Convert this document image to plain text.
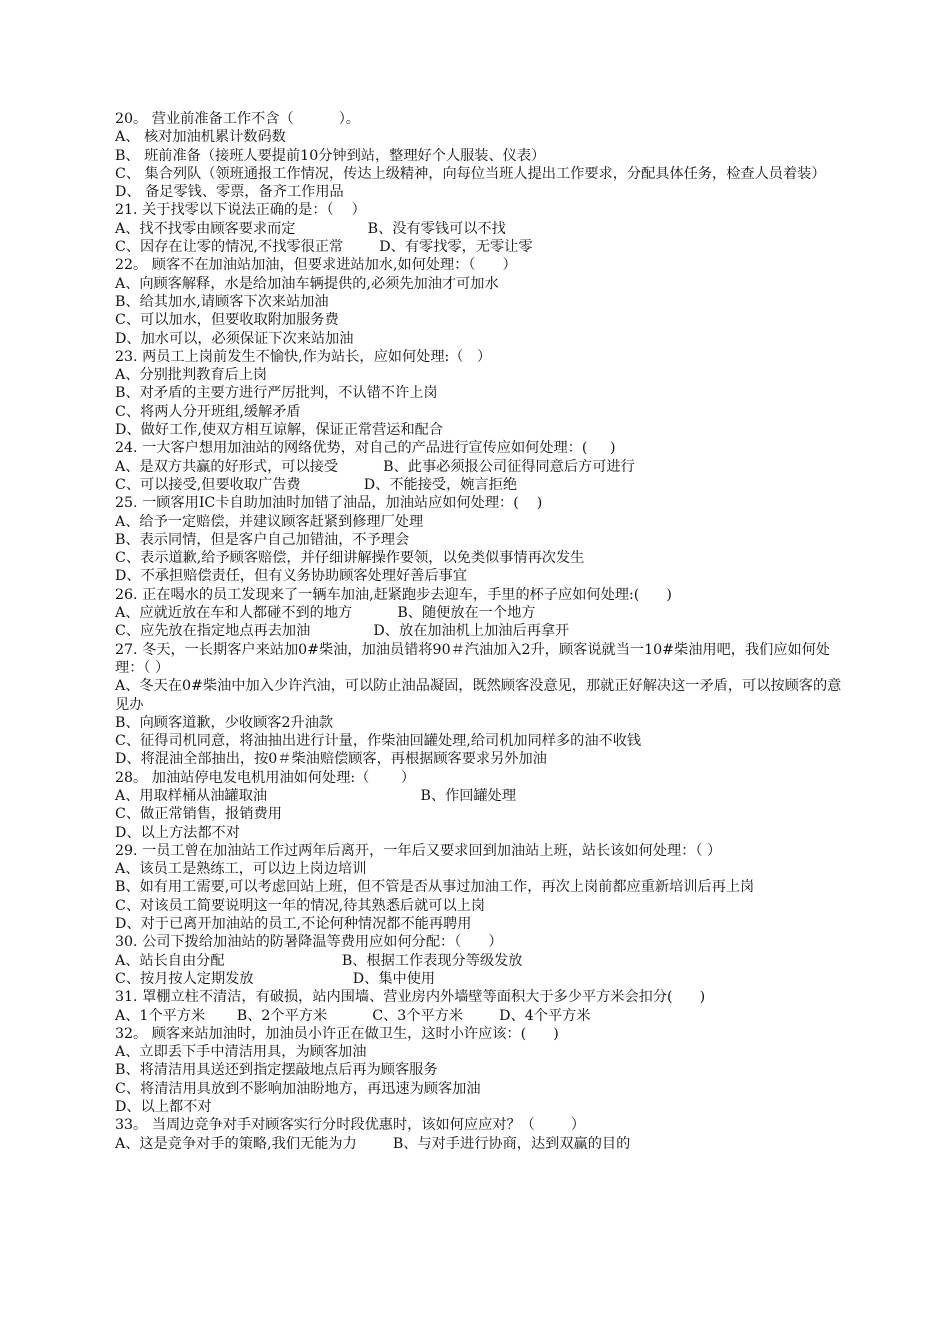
20。 营业前准备工作不含（          ）。
A、 核对加油机累计数码数
B、 班前准备（接班人要提前10分钟到站，整理好个人服装、仪表）
C、 集合列队（领班通报工作情况，传达上级精神，向每位当班人提出工作要求，分配具体任务，检查人员着装）
D、 备足零钱、零票，备齐工作用品
21. 关于找零以下说法正确的是：（    ）
A、找不找零由顾客要求而定                B、没有零钱可以不找
C、因存在让零的情况,不找零很正常        D、有零找零，无零让零
22。 顾客不在加油站加油，但要求进站加水,如何处理：（      ）
A、向顾客解释，水是给加油车辆提供的,必须先加油才可加水
B、给其加水,请顾客下次来站加油
C、可以加水，但要收取附加服务费
D、加水可以，必须保证下次来站加油
23. 两员工上岗前发生不愉快,作为站长，应如何处理:（   ）
A、分别批判教育后上岗
B、对矛盾的主要方进行严厉批判，不认错不许上岗
C、将两人分开班组,缓解矛盾
D、做好工作,使双方相互谅解，保证正常营运和配合
24. 一大客户想用加油站的网络优势，对自己的产品进行宣传应如何处理：(     )
A、是双方共赢的好形式，可以接受          B、此事必须报公司征得同意后方可进行
C、可以接受,但要收取广告费              D、不能接受，婉言拒绝
25. 一顾客用IC卡自助加油时加错了油品，加油站应如何处理：(    )
A、给予一定赔偿，并建议顾客赶紧到修理厂处理
B、表示同情，但是客户自己加错油，不予理会
C、表示道歉,给予顾客赔偿，并仔细讲解操作要领，以免类似事情再次发生
D、不承担赔偿责任，但有义务协助顾客处理好善后事宜
26. 正在喝水的员工发现来了一辆车加油,赶紧跑步去迎车，手里的杯子应如何处理:(      )
A、应就近放在车和人都碰不到的地方          B、随便放在一个地方
C、应先放在指定地点再去加油              D、放在加油机上加油后再拿开
27. 冬天，一长期客户来站加0#柴油，加油员错将90＃汽油加入2升，顾客说就当一10#柴油用吧，我们应如何处理：（ ）
A、冬天在0#柴油中加入少许汽油，可以防止油品凝固，既然顾客没意见，那就正好解决这一矛盾，可以按顾客的意见办
B、向顾客道歉，少收顾客2升油款
C、征得司机同意，将油抽出进行计量，作柴油回罐处理,给司机加同样多的油不收钱
D、将混油全部抽出，按0＃柴油赔偿顾客，再根据顾客要求另外加油
28。 加油站停电发电机用油如何处理:（       ）
A、用取样桶从油罐取油                                  B、作回罐处理
C、做正常销售，报销费用
D、以上方法都不对
29. 一员工曾在加油站工作过两年后离开，一年后又要求回到加油站上班，站长该如何处理：（ ）
A、该员工是熟练工，可以边上岗边培训
B、如有用工需要,可以考虑回站上班，但不管是否从事过加油工作，再次上岗前都应重新培训后再上岗
C、对该员工简要说明这一年的情况,待其熟悉后就可以上岗
D、对于已离开加油站的员工,不论何种情况都不能再聘用
30. 公司下拨给加油站的防暑降温等费用应如何分配：（      ）
A、站长自由分配                          B、根据工作表现分等级发放
C、按月按人定期发放                      D、集中使用
31. 罩棚立柱不清洁，有破损，站内围墙、营业房内外墙壁等面积大于多少平方米会扣分(      )
A、1个平方米       B、2个平方米          C、3个平方米        D、4个平方米
32。 顾客来站加油时，加油员小许正在做卫生，这时小许应该：(      )
A、立即丢下手中清洁用具，为顾客加油
B、将清洁用具送还到指定摆敲地点后再为顾客服务
C、将清洁用具放到不影响加油盼地方，再迅速为顾客加油
D、以上都不对
33。 当周边竞争对手对顾客实行分时段优惠时，该如何应应对？（        ）
A、这是竞争对手的策略,我们无能为力        B、与对手进行协商，达到双赢的目的
